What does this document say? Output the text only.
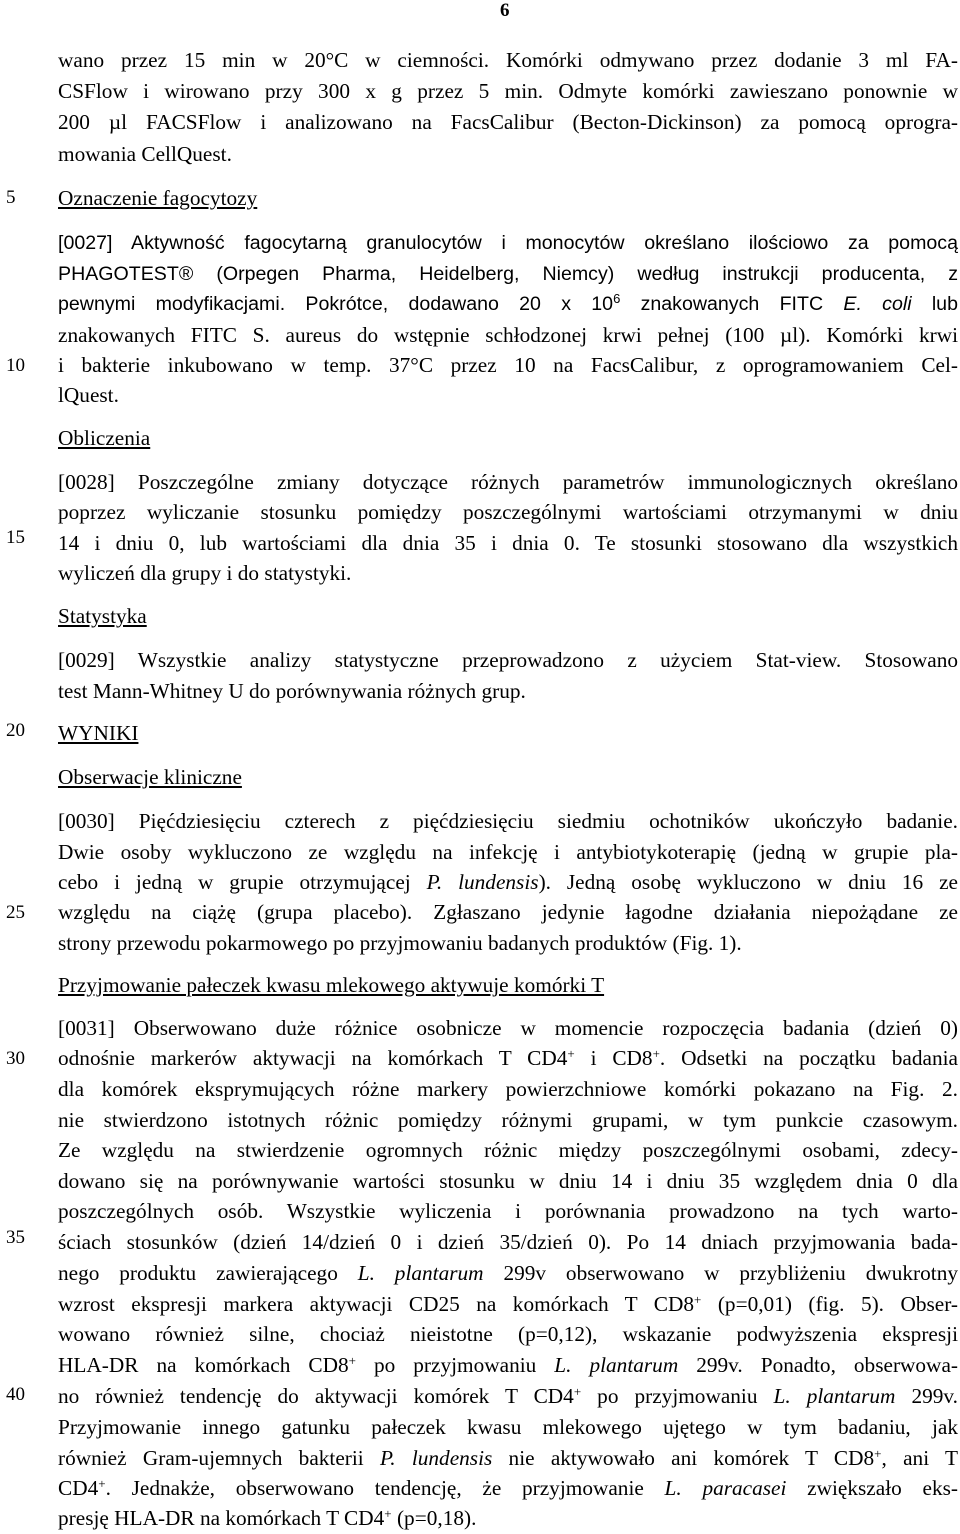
6
5
10
15
20
25
30
35
40
wano przez 15 min w 20°C w ciemności. Komórki odmywano przez dodanie 3 ml FA-
CSFlow i wirowano przy 300 x g przez 5 min. Odmyte komórki zawieszano ponownie w
200 µl FACSFlow i analizowano na FacsCalibur (Becton-Dickinson) za pomocą oprogra-
mowania CellQuest.
Oznaczenie fagocytozy
[0027] Aktywność fagocytarną granulocytów i monocytów określano ilościowo za pomocą
PHAGOTEST® (Orpegen Pharma, Heidelberg, Niemcy) według instrukcji producenta, z
pewnymi modyfikacjami. Pokrótce, dodawano 20 x $10^6$ znakowanych FITC E. coli lub
znakowanych FITC S. aureus do wstępnie schłodzonej krwi pełnej (100 µl). Komórki krwi
i bakterie inkubowano w temp. 37°C przez 10 na FacsCalibur, z oprogramowaniem Cel-
lQuest.
Obliczenia
[0028] Poszczególne zmiany dotyczące różnych parametrów immunologicznych określano
poprzez wyliczanie stosunku pomiędzy poszczególnymi wartościami otrzymanymi w dniu
14 i dniu 0, lub wartościami dla dnia 35 i dnia 0. Te stosunki stosowano dla wszystkich
wyliczeń dla grupy i do statystyki.
Statystyka
[0029] Wszystkie analizy statystyczne przeprowadzono z użyciem Stat-view. Stosowano
test Mann-Whitney U do porównywania różnych grup.
WYNIKI
Obserwacje kliniczne
[0030] Pięćdziesięciu czterech z pięćdziesięciu siedmiu ochotników ukończyło badanie.
Dwie osoby wykluczono ze względu na infekcję i antybiotykoterapię (jedną w grupie pla-
cebo i jedną w grupie otrzymującej P. lundensis). Jedną osobę wykluczono w dniu 16 ze
względu na ciążę (grupa placebo). Zgłaszano jedynie łagodne działania niepożądane ze
strony przewodu pokarmowego po przyjmowaniu badanych produktów (Fig. 1).
Przyjmowanie pałeczek kwasu mlekowego aktywuje komórki T
[0031] Obserwowano duże różnice osobnicze w momencie rozpoczęcia badania (dzień 0)
odnośnie markerów aktywacji na komórkach T CD4+ i CD8+. Odsetki na początku badania
dla komórek eksprymujących różne markery powierzchniowe komórki pokazano na Fig. 2.
nie stwierdzono istotnych różnic pomiędzy różnymi grupami, w tym punkcie czasowym.
Ze względu na stwierdzenie ogromnych różnic między poszczególnymi osobami, zdecy-
dowano się na porównywanie wartości stosunku w dniu 14 i dniu 35 względem dnia 0 dla
poszczególnych osób. Wszystkie wyliczenia i porównania prowadzono na tych warto-
ściach stosunków (dzień 14/dzień 0 i dzień 35/dzień 0). Po 14 dniach przyjmowania bada-
nego produktu zawierającego L. plantarum 299v obserwowano w przybliżeniu dwukrotny
wzrost ekspresji markera aktywacji CD25 na komórkach T CD8+ (p=0,01) (fig. 5). Obser-
wowano również silne, chociaż nieistotne (p=0,12), wskazanie podwyższenia ekspresji
HLA-DR na komórkach CD8+ po przyjmowaniu L. plantarum 299v. Ponadto, obserwowa-
no również tendencję do aktywacji komórek T CD4+ po przyjmowaniu L. plantarum 299v.
Przyjmowanie innego gatunku pałeczek kwasu mlekowego ujętego w tym badaniu, jak
również Gram-ujemnych bakterii P. lundensis nie aktywowało ani komórek T CD8+, ani T
CD4+. Jednakże, obserwowano tendencję, że przyjmowanie L. paracasei zwiększało eks-
presję HLA-DR na komórkach T CD4+ (p=0,18).
